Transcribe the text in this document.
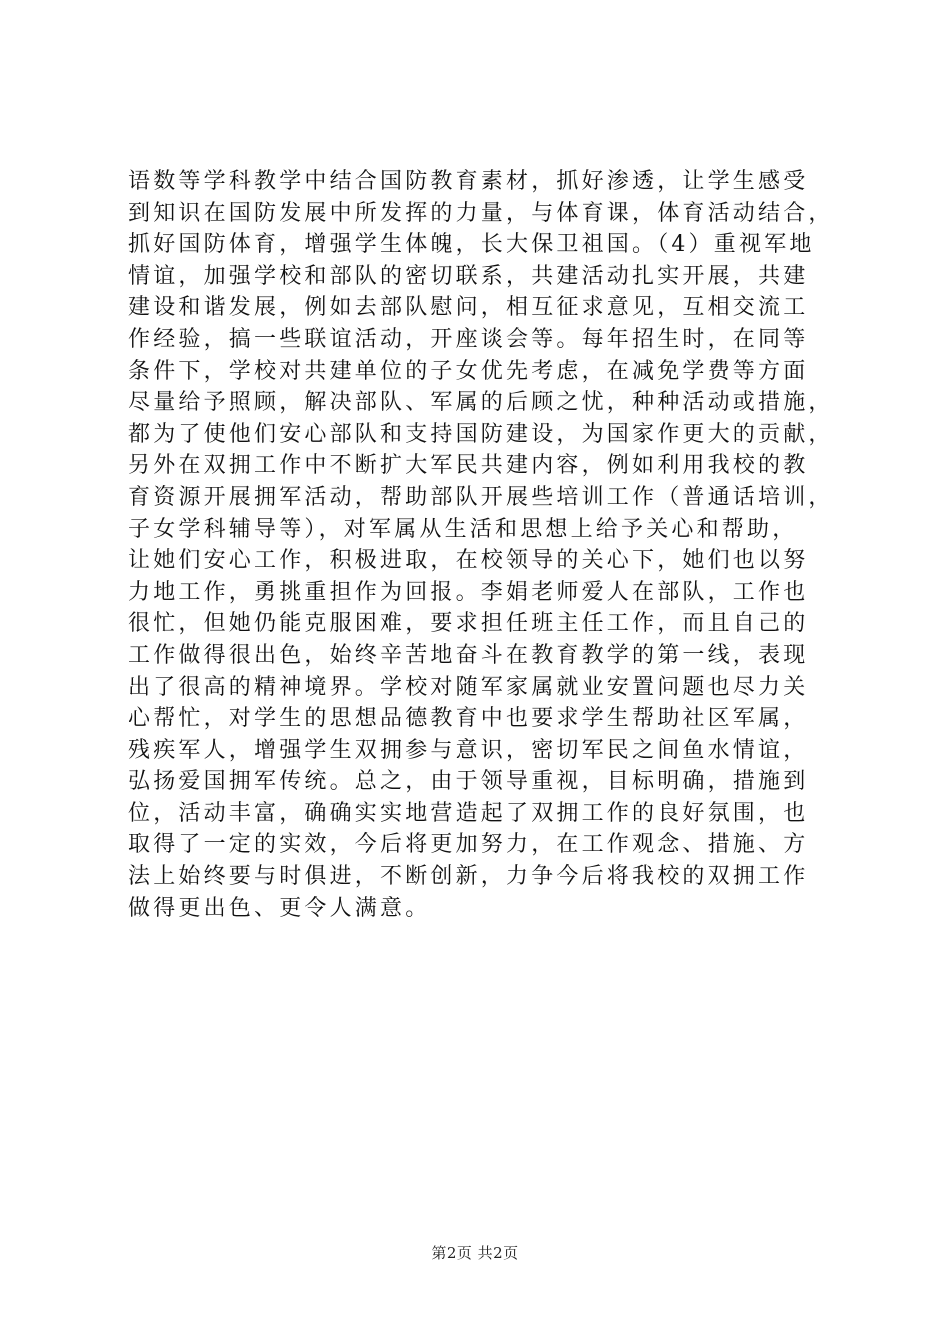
语数等学科教学中结合国防教育素材，抓好渗透，让学生感受
到知识在国防发展中所发挥的力量，与体育课，体育活动结合，
抓好国防体育，增强学生体魄，长大保卫祖国。（4）重视军地
情谊，加强学校和部队的密切联系，共建活动扎实开展，共建
建设和谐发展，例如去部队慰问，相互征求意见，互相交流工
作经验，搞一些联谊活动，开座谈会等。每年招生时，在同等
条件下，学校对共建单位的子女优先考虑，在减免学费等方面
尽量给予照顾，解决部队、军属的后顾之忧，种种活动或措施，
都为了使他们安心部队和支持国防建设，为国家作更大的贡献，
另外在双拥工作中不断扩大军民共建内容，例如利用我校的教
育资源开展拥军活动，帮助部队开展些培训工作（普通话培训，
子女学科辅导等），对军属从生活和思想上给予关心和帮助，
让她们安心工作，积极进取，在校领导的关心下，她们也以努
力地工作，勇挑重担作为回报。李娟老师爱人在部队，工作也
很忙，但她仍能克服困难，要求担任班主任工作，而且自己的
工作做得很出色，始终辛苦地奋斗在教育教学的第一线，表现
出了很高的精神境界。学校对随军家属就业安置问题也尽力关
心帮忙，对学生的思想品德教育中也要求学生帮助社区军属，
残疾军人，增强学生双拥参与意识，密切军民之间鱼水情谊，
弘扬爱国拥军传统。总之，由于领导重视，目标明确，措施到
位，活动丰富，确确实实地营造起了双拥工作的良好氛围，也
取得了一定的实效，今后将更加努力，在工作观念、措施、方
法上始终要与时俱进，不断创新，力争今后将我校的双拥工作
做得更出色、更令人满意。
第2页 共2页
